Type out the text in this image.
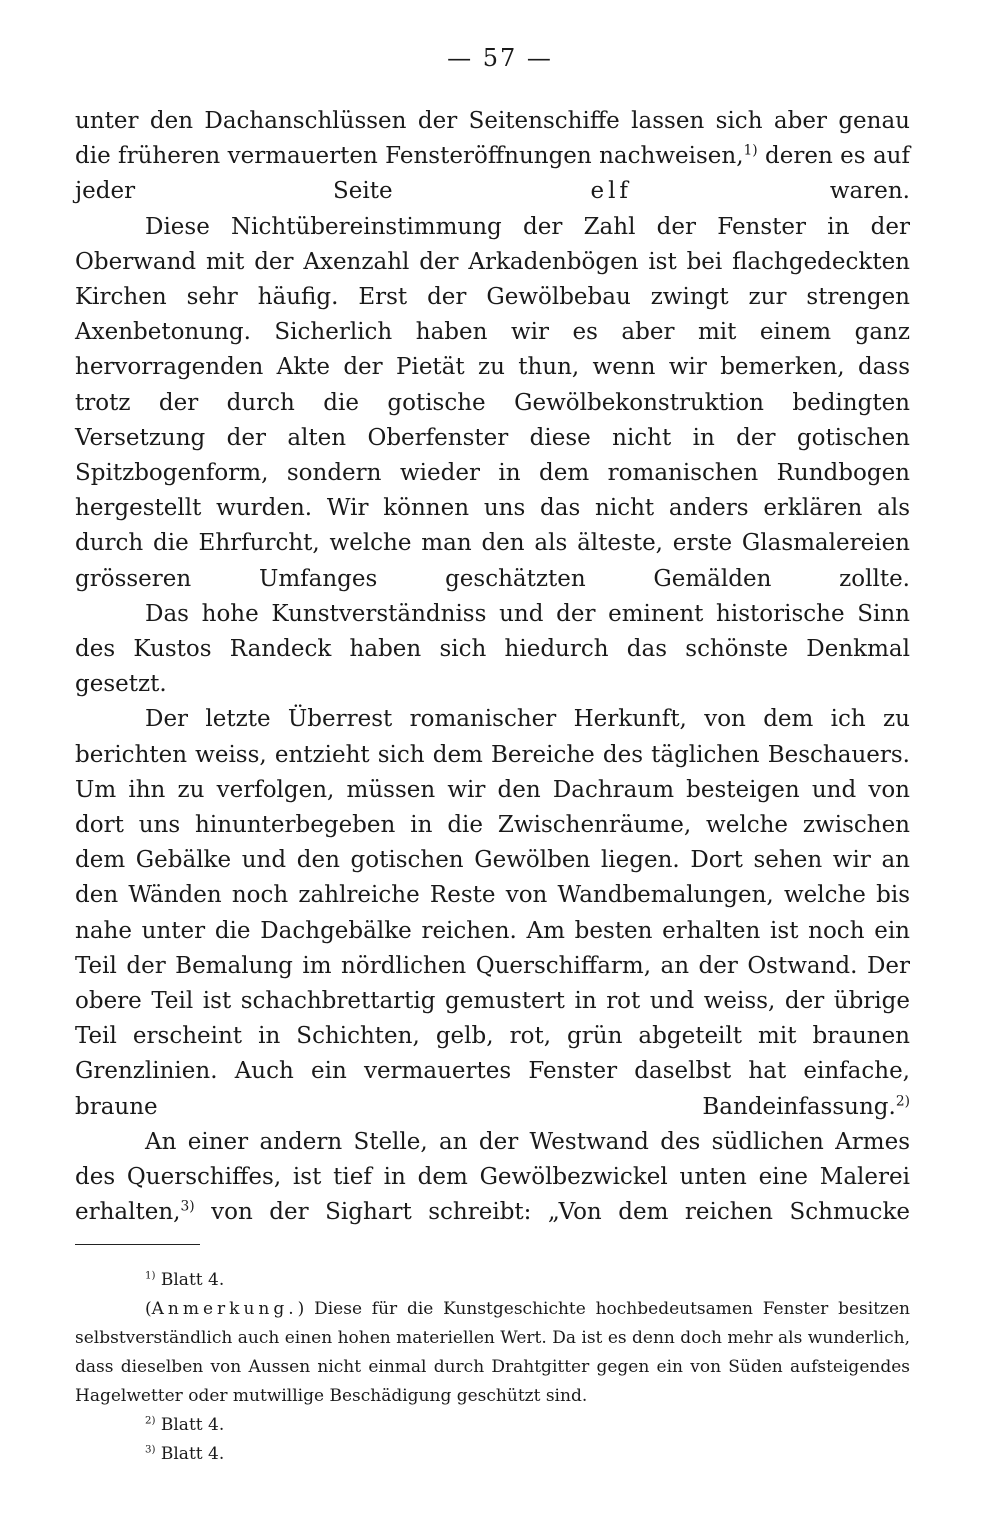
— 57 —

unter den Dachanschlüssen der Seitenschiffe lassen sich aber genau die früheren vermauerten Fensteröffnungen nachweisen,$^{1)}$ deren es auf jeder Seite elf waren.

Diese Nichtübereinstimmung der Zahl der Fenster in der Oberwand mit der Axenzahl der Arkadenbögen ist bei flachgedeckten Kirchen sehr häufig. Erst der Gewölbebau zwingt zur strengen Axenbetonung. Sicherlich haben wir es aber mit einem ganz hervorragenden Akte der Pietät zu thun, wenn wir bemerken, dass trotz der durch die gotische Gewölbekonstruktion bedingten Versetzung der alten Oberfenster diese nicht in der gotischen Spitzbogenform, sondern wieder in dem romanischen Rundbogen hergestellt wurden. Wir können uns das nicht anders erklären als durch die Ehrfurcht, welche man den als älteste, erste Glasmalereien grösseren Umfanges geschätzten Gemälden zollte.

Das hohe Kunstverständniss und der eminent historische Sinn des Kustos Randeck haben sich hiedurch das schönste Denkmal gesetzt.

Der letzte Überrest romanischer Herkunft, von dem ich zu berichten weiss, entzieht sich dem Bereiche des täglichen Beschauers. Um ihn zu verfolgen, müssen wir den Dachraum besteigen und von dort uns hinunterbegeben in die Zwischenräume, welche zwischen dem Gebälke und den gotischen Gewölben liegen. Dort sehen wir an den Wänden noch zahlreiche Reste von Wandbemalungen, welche bis nahe unter die Dachgebälke reichen. Am besten erhalten ist noch ein Teil der Bemalung im nördlichen Querschiffarm, an der Ostwand. Der obere Teil ist schachbrettartig gemustert in rot und weiss, der übrige Teil erscheint in Schichten, gelb, rot, grün abgeteilt mit braunen Grenzlinien. Auch ein vermauertes Fenster daselbst hat einfache, braune Bandeinfassung.$^{2)}$

An einer andern Stelle, an der Westwand des südlichen Armes des Querschiffes, ist tief in dem Gewölbezwickel unten eine Malerei erhalten,$^{3)}$ von der Sighart schreibt: „Von dem reichen Schmucke

$^{1)}$ Blatt 4.

(Anmerkung.) Diese für die Kunstgeschichte hochbedeutsamen Fenster besitzen selbstverständlich auch einen hohen materiellen Wert. Da ist es denn doch mehr als wunderlich, dass dieselben von Aussen nicht einmal durch Drahtgitter gegen ein von Süden aufsteigendes Hagelwetter oder mutwillige Beschädigung geschützt sind.

$^{2)}$ Blatt 4.

$^{3)}$ Blatt 4.
